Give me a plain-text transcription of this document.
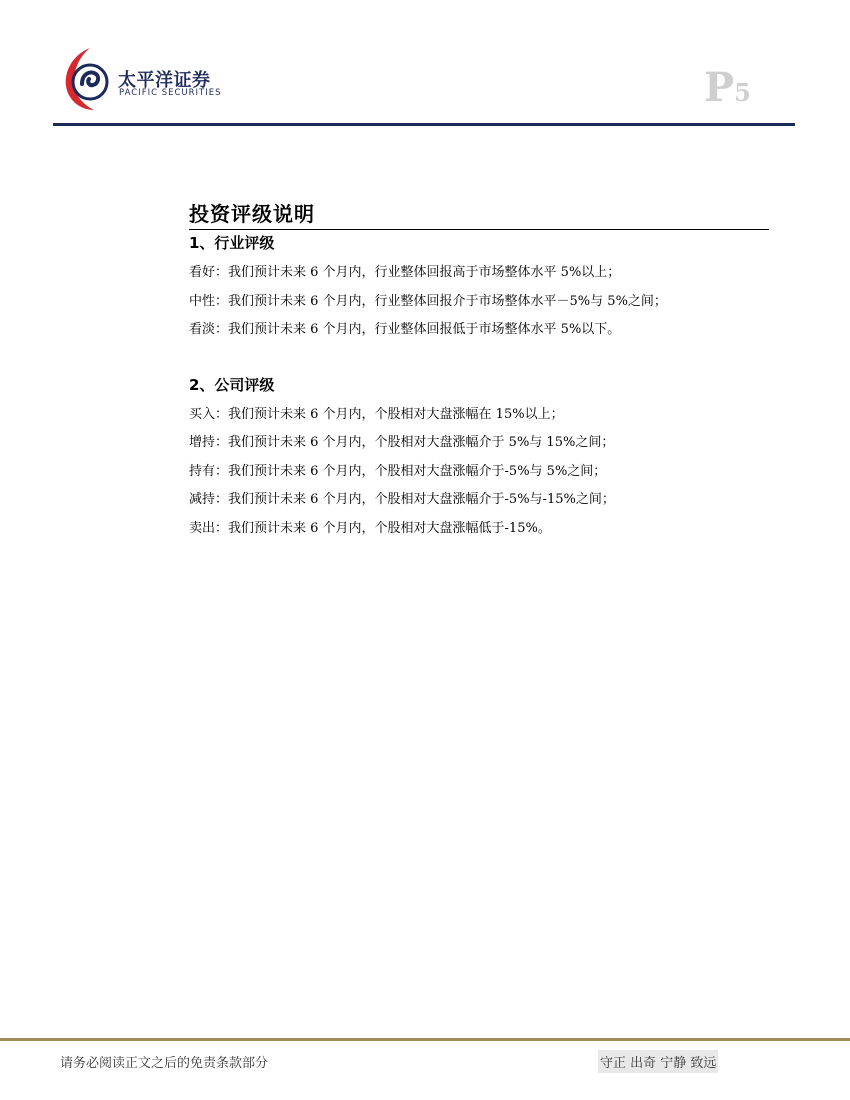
太平洋证券
PACIFIC SECURITIES	P5
投资评级说明
1、行业评级

看好：我们预计未来 6 个月内，行业整体回报高于市场整体水平 5%以上；

中性：我们预计未来 6 个月内，行业整体回报介于市场整体水平－5%与 5%之间；

看淡：我们预计未来 6 个月内，行业整体回报低于市场整体水平 5%以下。

2、公司评级

买入：我们预计未来 6 个月内，个股相对大盘涨幅在 15%以上；

增持：我们预计未来 6 个月内，个股相对大盘涨幅介于 5%与 15%之间；

持有：我们预计未来 6 个月内，个股相对大盘涨幅介于-5%与 5%之间；

减持：我们预计未来 6 个月内，个股相对大盘涨幅介于-5%与-15%之间；

卖出：我们预计未来 6 个月内，个股相对大盘涨幅低于-15%。

请务必阅读正文之后的免责条款部分	守正 出奇 宁静 致远
